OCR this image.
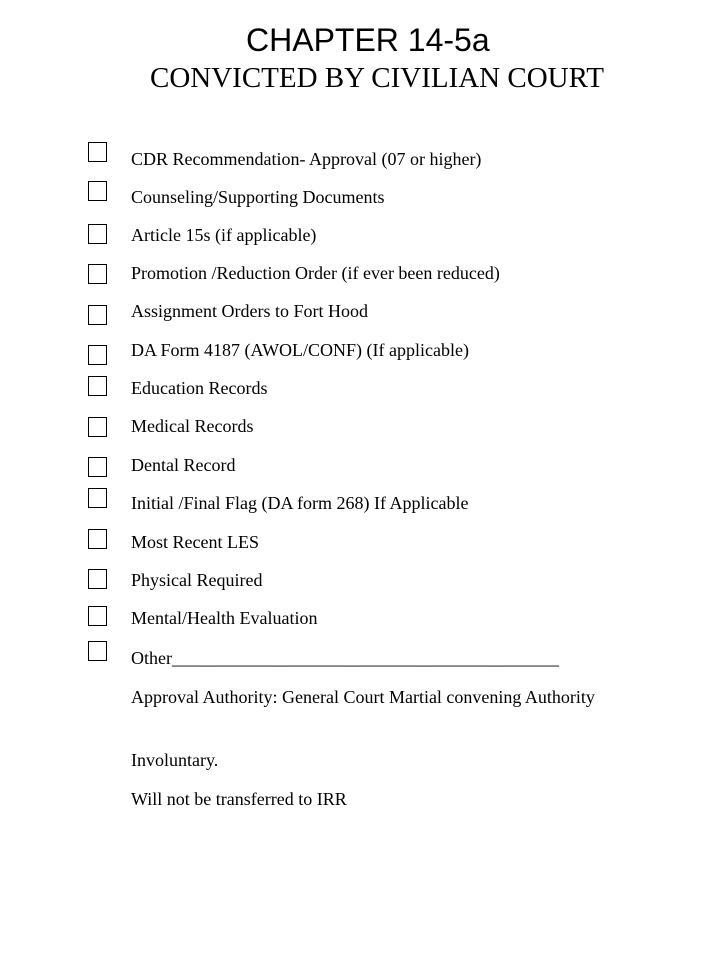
CHAPTER 14-5a
CONVICTED BY CIVILIAN COURT
CDR Recommendation- Approval (07 or higher)
Counseling/Supporting Documents
Article 15s (if applicable)
Promotion /Reduction Order (if ever been reduced)
Assignment Orders to Fort Hood
DA Form 4187 (AWOL/CONF) (If applicable)
Education Records
Medical Records
Dental Record
Initial /Final Flag (DA form 268) If Applicable
Most Recent LES
Physical Required
Mental/Health Evaluation
Other___________________________________________
Approval Authority: General Court Martial convening Authority
Involuntary.
Will not be transferred to IRR
